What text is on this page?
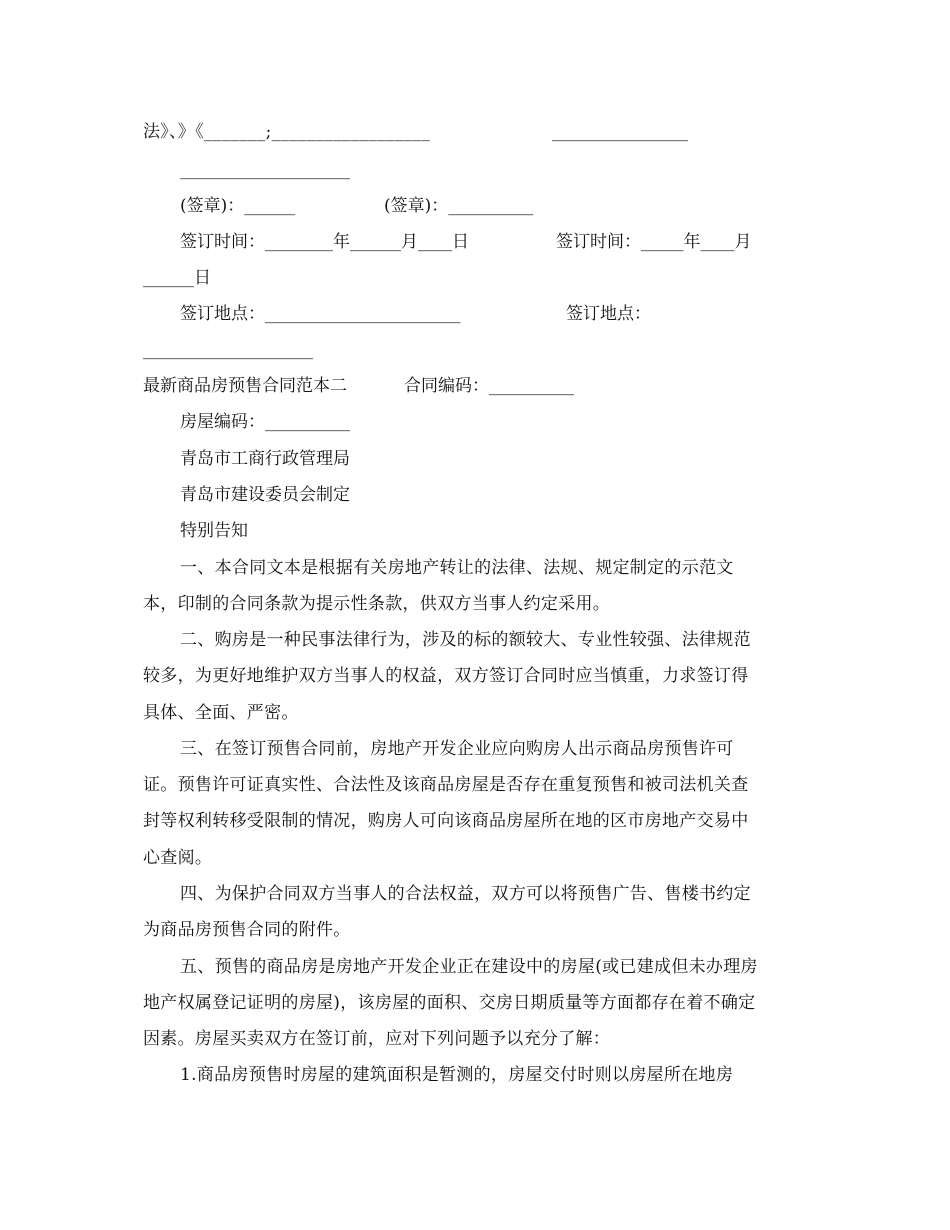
法》、》《_______;__________________	________________
____________________
(签章)：______	(签章)：__________
签订时间：________年______月____日	签订时间：_____年____月
______日
签订地点：_______________________	签订地点：
____________________
最新商品房预售合同范本二	合同编码：__________
房屋编码：__________
青岛市工商行政管理局
青岛市建设委员会制定
特别告知
一、本合同文本是根据有关房地产转让的法律、法规、规定制定的示范文
本，印制的合同条款为提示性条款，供双方当事人约定采用。
二、购房是一种民事法律行为，涉及的标的额较大、专业性较强、法律规范
较多，为更好地维护双方当事人的权益，双方签订合同时应当慎重，力求签订得
具体、全面、严密。
三、在签订预售合同前，房地产开发企业应向购房人出示商品房预售许可
证。预售许可证真实性、合法性及该商品房屋是否存在重复预售和被司法机关查
封等权利转移受限制的情况，购房人可向该商品房屋所在地的区市房地产交易中
心查阅。
四、为保护合同双方当事人的合法权益，双方可以将预售广告、售楼书约定
为商品房预售合同的附件。
五、预售的商品房是房地产开发企业正在建设中的房屋(或已建成但未办理房
地产权属登记证明的房屋)，该房屋的面积、交房日期质量等方面都存在着不确定
因素。房屋买卖双方在签订前，应对下列问题予以充分了解：
1.商品房预售时房屋的建筑面积是暂测的，房屋交付时则以房屋所在地房
